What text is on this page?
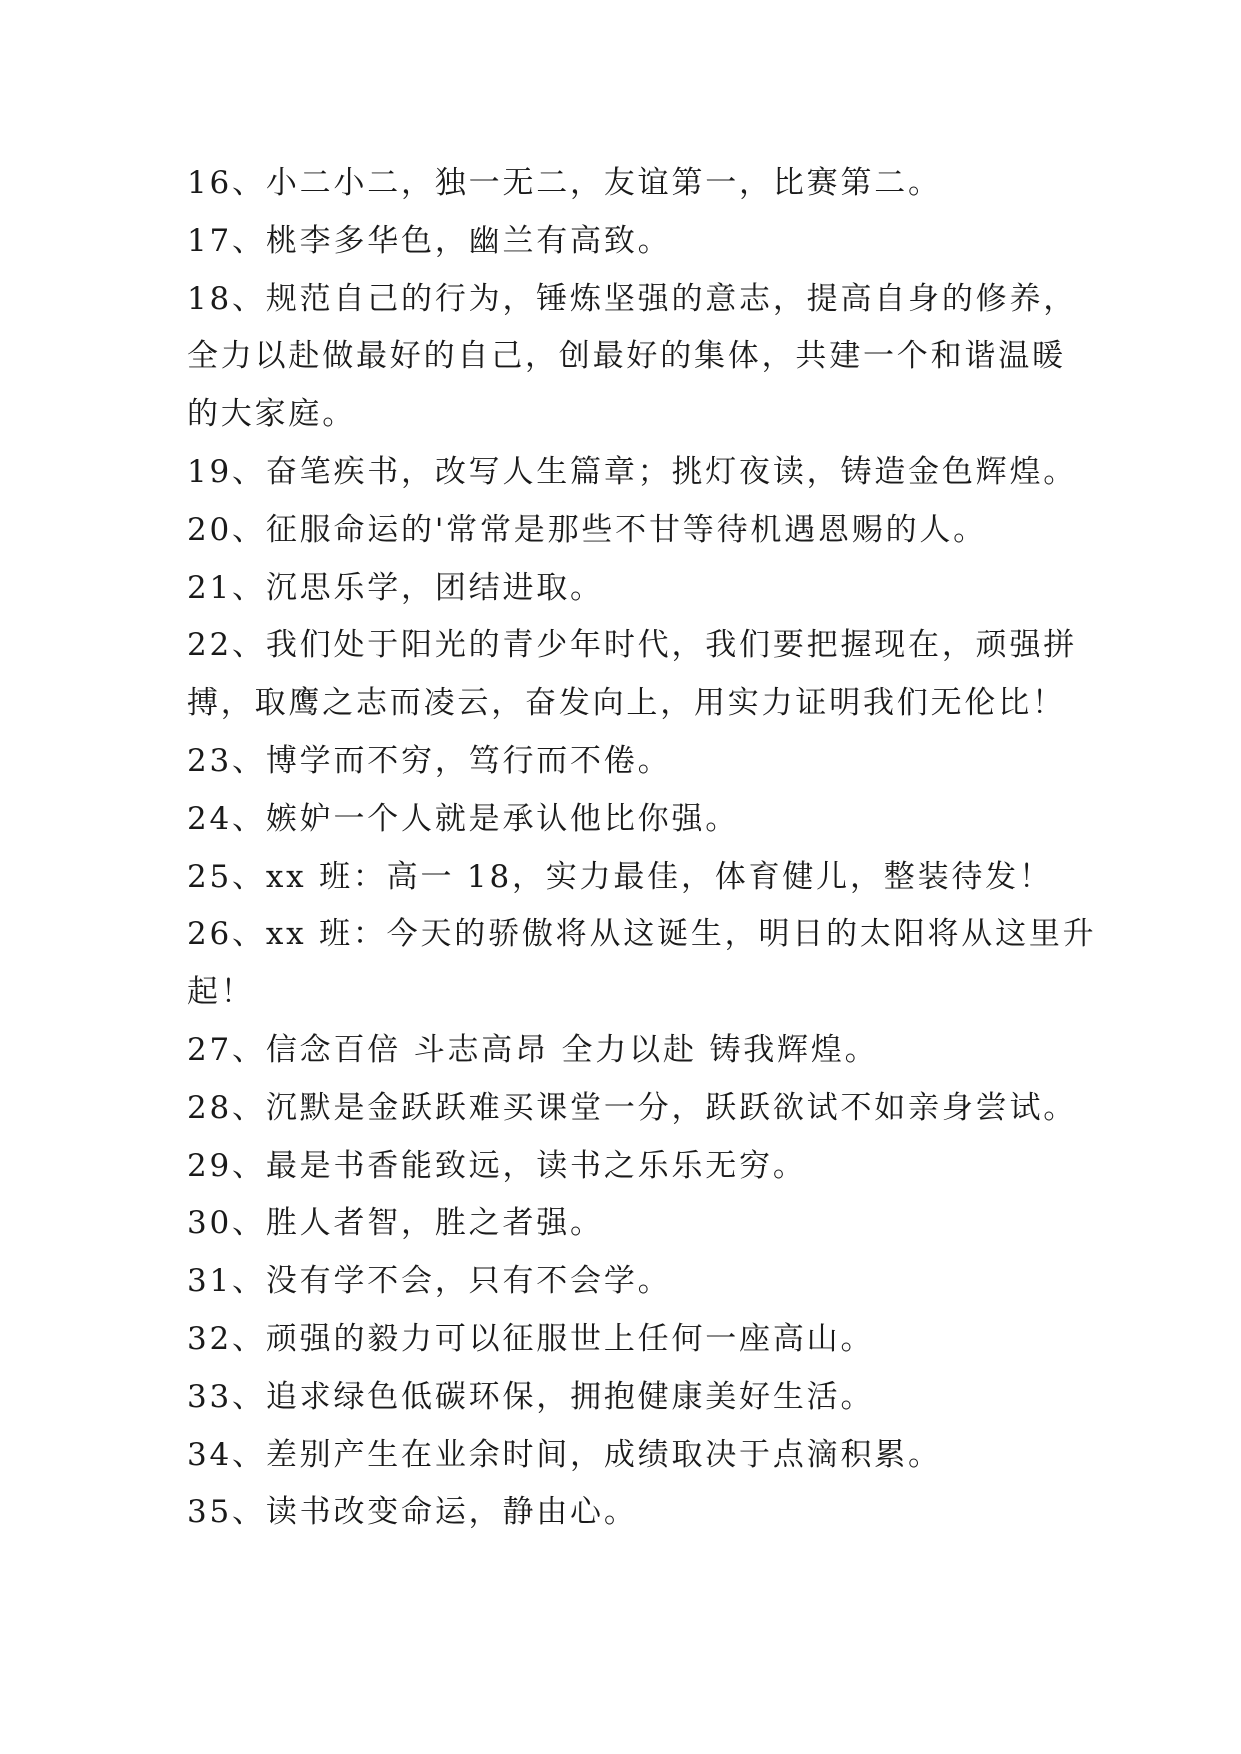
16、小二小二，独一无二，友谊第一，比赛第二。
17、桃李多华色，幽兰有高致。
18、规范自己的行为，锤炼坚强的意志，提高自身的修养，
全力以赴做最好的自己，创最好的集体，共建一个和谐温暖
的大家庭。
19、奋笔疾书，改写人生篇章；挑灯夜读，铸造金色辉煌。
20、征服命运的'常常是那些不甘等待机遇恩赐的人。
21、沉思乐学，团结进取。
22、我们处于阳光的青少年时代，我们要把握现在，顽强拼
搏，取鹰之志而凌云，奋发向上，用实力证明我们无伦比！
23、博学而不穷，笃行而不倦。
24、嫉妒一个人就是承认他比你强。
25、xx 班：高一 18，实力最佳，体育健儿，整装待发！
26、xx 班：今天的骄傲将从这诞生，明日的太阳将从这里升
起！
27、信念百倍 斗志高昂 全力以赴 铸我辉煌。
28、沉默是金跃跃难买课堂一分，跃跃欲试不如亲身尝试。
29、最是书香能致远，读书之乐乐无穷。
30、胜人者智，胜之者强。
31、没有学不会，只有不会学。
32、顽强的毅力可以征服世上任何一座高山。
33、追求绿色低碳环保，拥抱健康美好生活。
34、差别产生在业余时间，成绩取决于点滴积累。
35、读书改变命运，静由心。
